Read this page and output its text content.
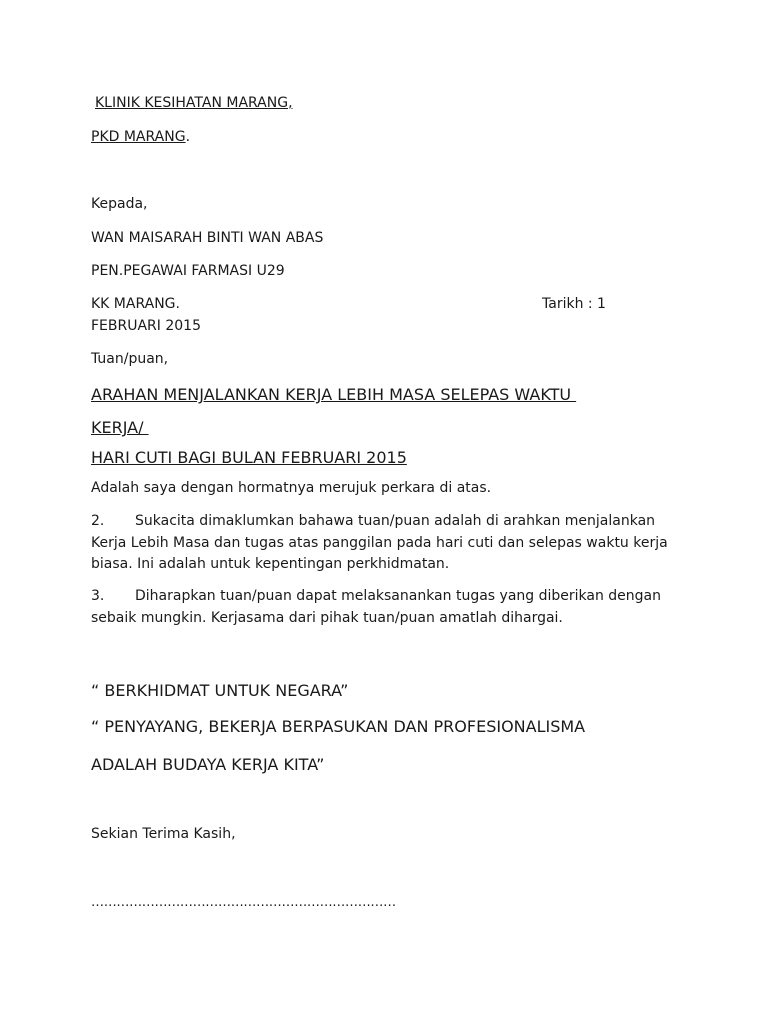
KLINIK KESIHATAN MARANG,
PKD MARANG.
Kepada,
WAN MAISARAH BINTI WAN ABAS
PEN.PEGAWAI FARMASI U29
KK MARANG.	Tarikh : 1
FEBRUARI 2015
Tuan/puan,
ARAHAN MENJALANKAN KERJA LEBIH MASA SELEPAS WAKTU
KERJA/
HARI CUTI BAGI BULAN FEBRUARI 2015
Adalah saya dengan hormatnya merujuk perkara di atas.
2. Sukacita dimaklumkan bahawa tuan/puan adalah di arahkan menjalankan Kerja Lebih Masa dan tugas atas panggilan pada hari cuti dan selepas waktu kerja biasa. Ini adalah untuk kepentingan perkhidmatan.
3. Diharapkan tuan/puan dapat melaksanankan tugas yang diberikan dengan sebaik mungkin. Kerjasama dari pihak tuan/puan amatlah dihargai.
“ BERKHIDMAT UNTUK NEGARA”
“ PENYAYANG, BEKERJA BERPASUKAN DAN PROFESIONALISMA
ADALAH BUDAYA KERJA KITA”
Sekian Terima Kasih,
………………………………………………………………
